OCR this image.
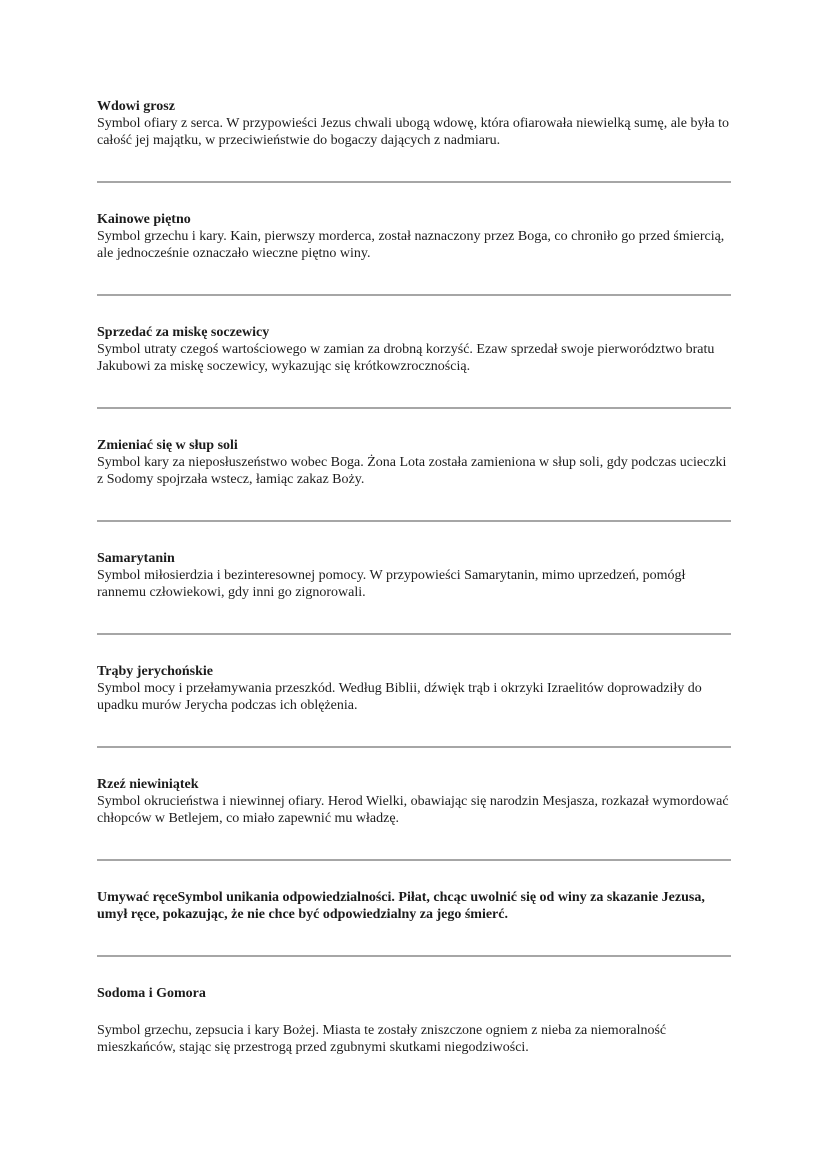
Wdowi grosz

Symbol ofiary z serca. W przypowieści Jezus chwali ubogą wdowę, która ofiarowała niewielką sumę, ale była to całość jej majątku, w przeciwieństwie do bogaczy dających z nadmiaru.

Kainowe piętno

Symbol grzechu i kary. Kain, pierwszy morderca, został naznaczony przez Boga, co chroniło go przed śmiercią, ale jednocześnie oznaczało wieczne piętno winy.

Sprzedać za miskę soczewicy

Symbol utraty czegoś wartościowego w zamian za drobną korzyść. Ezaw sprzedał swoje pierworództwo bratu Jakubowi za miskę soczewicy, wykazując się krótkowzrocznością.

Zmieniać się w słup soli

Symbol kary za nieposłuszeństwo wobec Boga. Żona Lota została zamieniona w słup soli, gdy podczas ucieczki z Sodomy spojrzała wstecz, łamiąc zakaz Boży.

Samarytanin

Symbol miłosierdzia i bezinteresownej pomocy. W przypowieści Samarytanin, mimo uprzedzeń, pomógł rannemu człowiekowi, gdy inni go zignorowali.

Trąby jerychońskie

Symbol mocy i przełamywania przeszkód. Według Biblii, dźwięk trąb i okrzyki Izraelitów doprowadziły do upadku murów Jerycha podczas ich oblężenia.

Rzeź niewiniątek

Symbol okrucieństwa i niewinnej ofiary. Herod Wielki, obawiając się narodzin Mesjasza, rozkazał wymordować chłopców w Betlejem, co miało zapewnić mu władzę.

Umywać ręceSymbol unikania odpowiedzialności. Piłat, chcąc uwolnić się od winy za skazanie Jezusa, umył ręce, pokazując, że nie chce być odpowiedzialny za jego śmierć.

Sodoma i Gomora

Symbol grzechu, zepsucia i kary Bożej. Miasta te zostały zniszczone ogniem z nieba za niemoralność mieszkańców, stając się przestrogą przed zgubnymi skutkami niegodziwości.
